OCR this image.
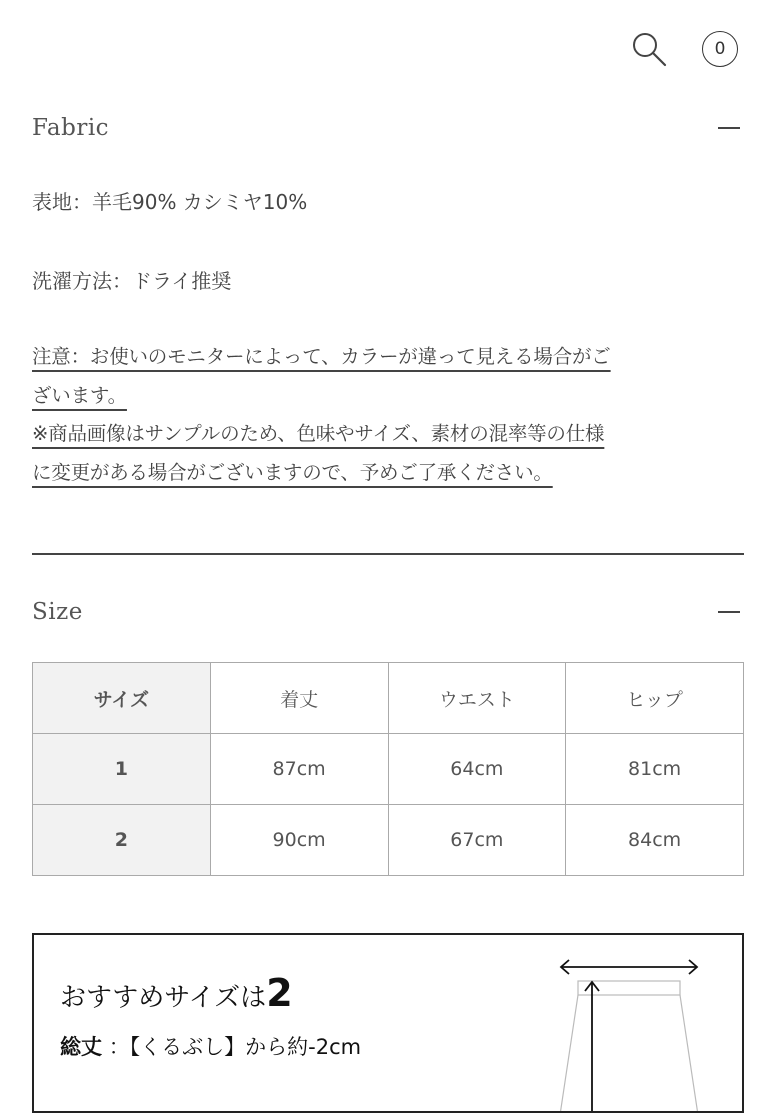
0
Fabric
表地：羊毛90% カシミヤ10%
洗濯方法：ドライ推奨
注意：お使いのモニターによって、カラーが違って見える場合がご
ざいます。
※商品画像はサンプルのため、色味やサイズ、素材の混率等の仕様
に変更がある場合がございますので、予めご了承ください。
Size
サイズ	着丈	ウエスト	ヒップ
1	87cm	64cm	81cm
2	90cm	67cm	84cm
おすすめサイズは2
総丈 ：【くるぶし】から約-2cm
